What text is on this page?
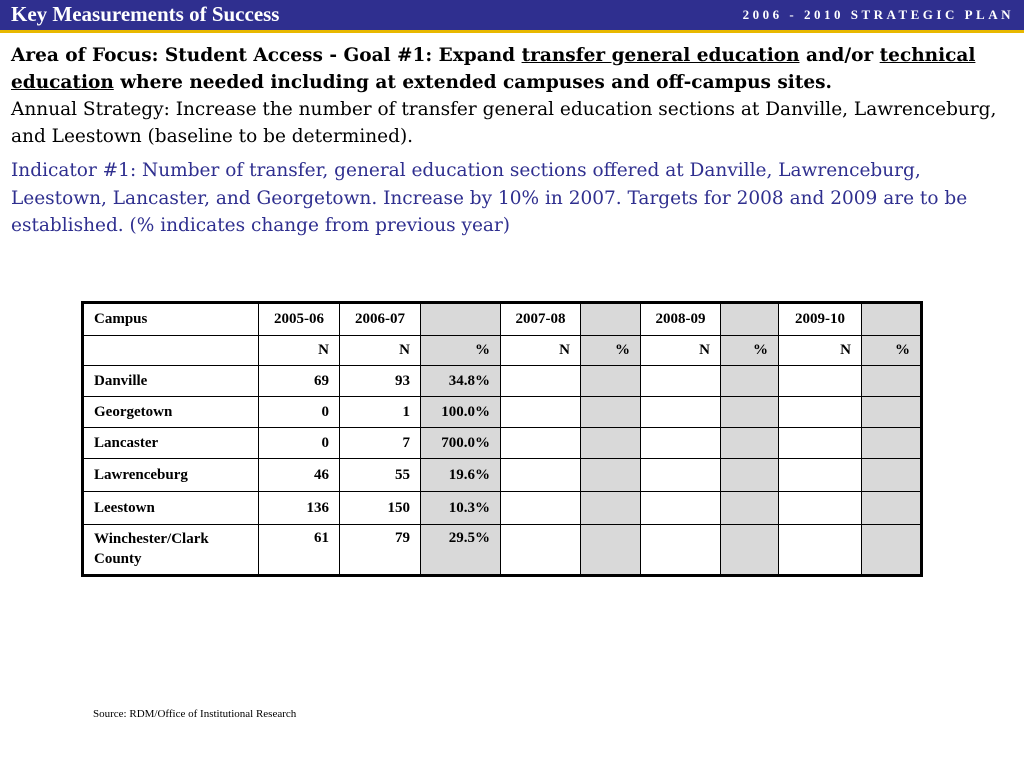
Key Measurements of Success	2006 - 2010 STRATEGIC PLAN
Area of Focus: Student Access - Goal #1: Expand transfer general education and/or technical education where needed including at extended campuses and off-campus sites.
Annual Strategy: Increase the number of transfer general education sections at Danville, Lawrenceburg, and Leestown (baseline to be determined).
Indicator #1: Number of transfer, general education sections offered at Danville, Lawrenceburg, Leestown, Lancaster, and Georgetown. Increase by 10% in 2007. Targets for 2008 and 2009 are to be established. (% indicates change from previous year)
Campus	2005-06	2006-07		2007-08		2008-09		2009-10	
	N	N	%	N	%	N	%	N	%
Danville	69	93	34.8%						
Georgetown	0	1	100.0%						
Lancaster	0	7	700.0%						
Lawrenceburg	46	55	19.6%						
Leestown	136	150	10.3%						
Winchester/Clark County	61	79	29.5%						
Source: RDM/Office of Institutional Research
